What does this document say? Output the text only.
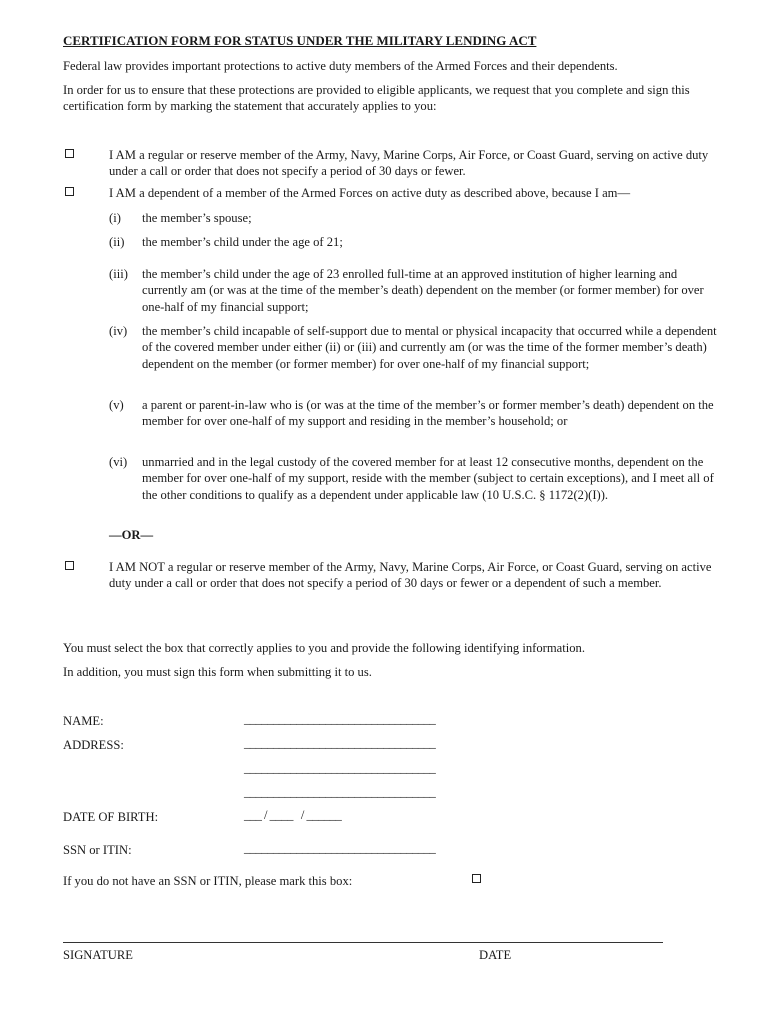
CERTIFICATION FORM FOR STATUS UNDER THE MILITARY LENDING ACT
Federal law provides important protections to active duty members of the Armed Forces and their dependents.
In order for us to ensure that these protections are provided to eligible applicants, we request that you complete and sign this certification form by marking the statement that accurately applies to you:
I AM a regular or reserve member of the Army, Navy, Marine Corps, Air Force, or Coast Guard, serving on active duty under a call or order that does not specify a period of 30 days or fewer.
I AM a dependent of a member of the Armed Forces on active duty as described above, because I am—
(i)	the member’s spouse;
(ii)	the member’s child under the age of 21;
(iii)	the member’s child under the age of 23 enrolled full-time at an approved institution of higher learning and currently am (or was at the time of the member’s death) dependent on the member (or former member) for over one-half of my financial support;
(iv)	the member’s child incapable of self-support due to mental or physical incapacity that occurred while a dependent of the covered member under either (ii) or (iii) and currently am (or was the time of the former member’s death) dependent on the member (or former member) for over one-half of my financial support;
(v)	a parent or parent-in-law who is (or was at the time of the member’s or former member’s death) dependent on the member for over one-half of my support and residing in the member’s household; or
(vi)	unmarried and in the legal custody of the covered member for at least 12 consecutive months, dependent on the member for over one-half of my support, reside with the member (subject to certain exceptions), and I meet all of the other conditions to qualify as a dependent under applicable law (10 U.S.C. § 1172(2)(I)).
—OR—
I AM NOT a regular or reserve member of the Army, Navy, Marine Corps, Air Force, or Coast Guard, serving on active duty under a call or order that does not specify a period of 30 days or fewer or a dependent of such a member.
You must select the box that correctly applies to you and provide the following identifying information.
In addition, you must sign this form when submitting it to us.
NAME:	_________________________________
ADDRESS:	_________________________________
_________________________________
_________________________________
DATE OF BIRTH:	___ / ____   / ______
SSN or ITIN:	_________________________________
If you do not have an SSN or ITIN, please mark this box:
SIGNATURE	DATE
